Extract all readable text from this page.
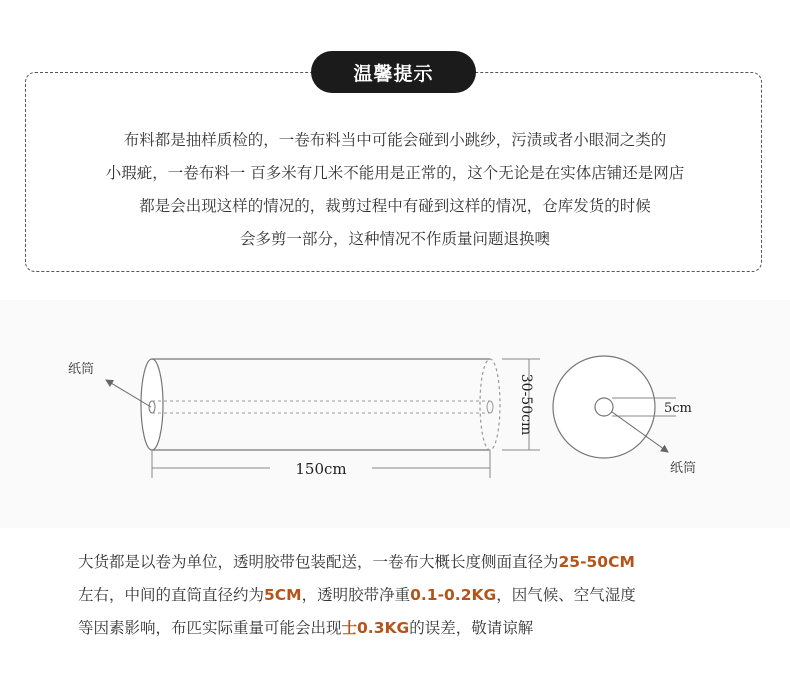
温馨提示
布料都是抽样质检的，一卷布料当中可能会碰到小跳纱，污渍或者小眼洞之类的
小瑕疵，一卷布料一 百多米有几米不能用是正常的，这个无论是在实体店铺还是网店
都是会出现这样的情况的，裁剪过程中有碰到这样的情况，仓库发货的时候
会多剪一部分，这种情况不作质量问题退换噢
纸筒
150cm
30-50cm	5cm
纸筒
大货都是以卷为单位，透明胶带包装配送，一卷布大概长度侧面直径为25-50CM
左右，中间的直筒直径约为5CM，透明胶带净重0.1-0.2KG，因气候、空气湿度
等因素影响，布匹实际重量可能会出现士0.3KG的误差，敬请谅解
